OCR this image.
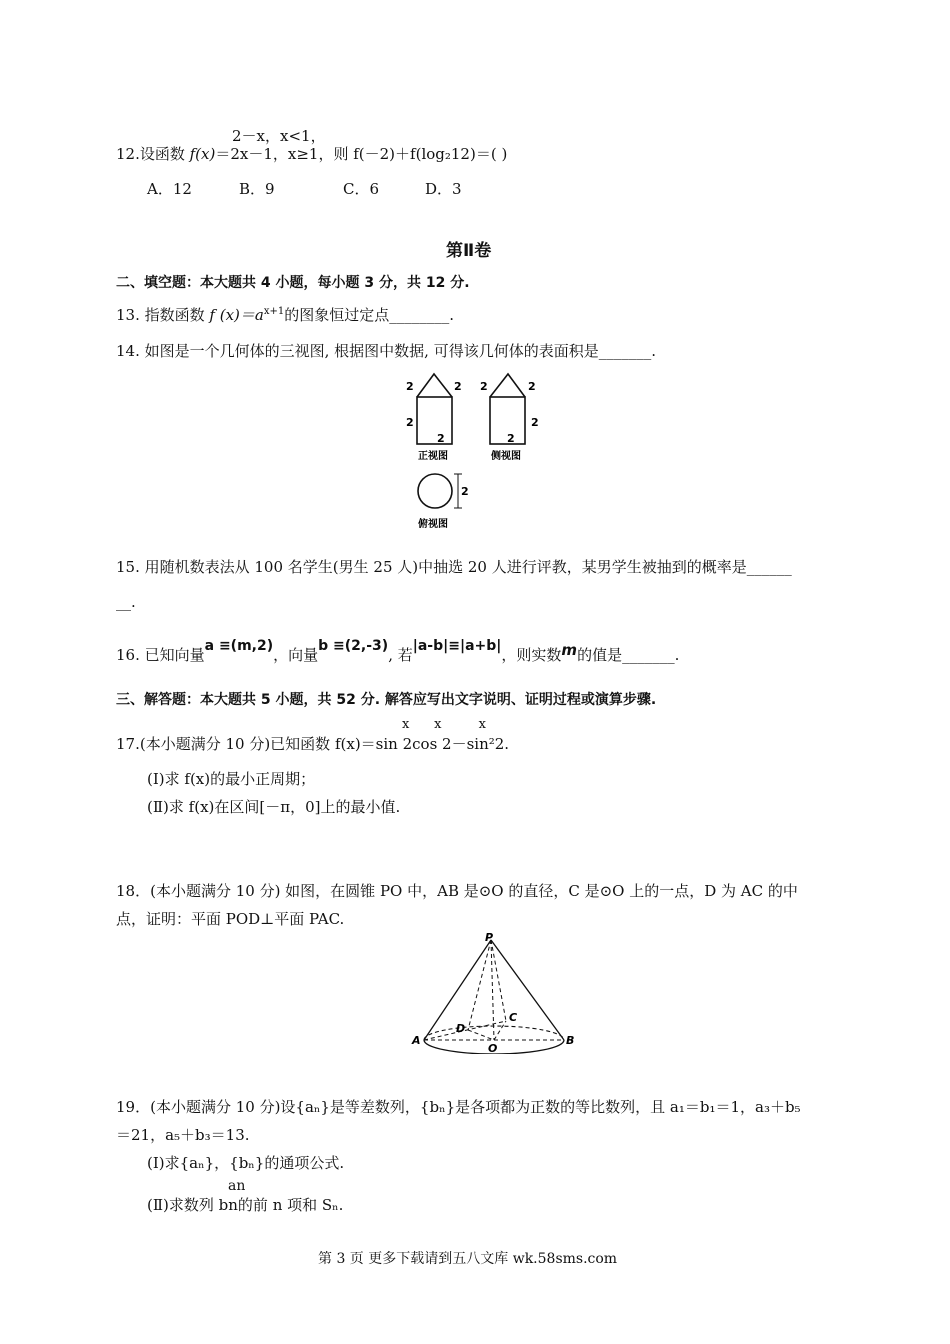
2－x，x<1，
12.设函数 f(x)＝2x－1，x≥1，则 f(－2)＋f(log₂12)＝( )
A．12	B．9	C．6	D．3
第Ⅱ卷
二、填空题：本大题共 4 小题，每小题 3 分，共 12 分.
13. 指数函数 f $(x)=a^{x+1}$的图象恒过定点________.
14. 如图是一个几何体的三视图, 根据图中数据, 可得该几何体的表面积是_______.
2	2
2
2
正视图
2	2
2
2
侧视图
2
俯视图
15. 用随机数表法从 100 名学生(男生 25 人)中抽选 20 人进行评教，某男学生被抽到的概率是______
__.
16. 已知向量a ≡(m,2)，向量b ≡(2,-3), 若|a-b|≡|a+b|，则实数m的值是_______.
三、解答题：本大题共 5 小题，共 52 分. 解答应写出文字说明、证明过程或演算步骤.
x      x         x
17.(本小题满分 10 分)已知函数 f(x)＝sin 2cos 2－sin²2.
(Ⅰ)求 f(x)的最小正周期；
(Ⅱ)求 f(x)在区间[－π，0]上的最小值.
18．(本小题满分 10 分) 如图，在圆锥 PO 中，AB 是⊙O 的直径，C 是⊙O 上的一点，D 为 AC 的中
点，证明：平面 POD⊥平面 PAC.
P
A	B
C
D
O
19．(本小题满分 10 分)设{aₙ}是等差数列，{bₙ}是各项都为正数的等比数列，且 a₁＝b₁＝1，a₃＋b₅
＝21，a₅＋b₃＝13.
(Ⅰ)求{aₙ}，{bₙ}的通项公式.
an
(Ⅱ)求数列 bn的前 n 项和 Sₙ.
第 3 页 更多下载请到五八文库 wk.58sms.com
